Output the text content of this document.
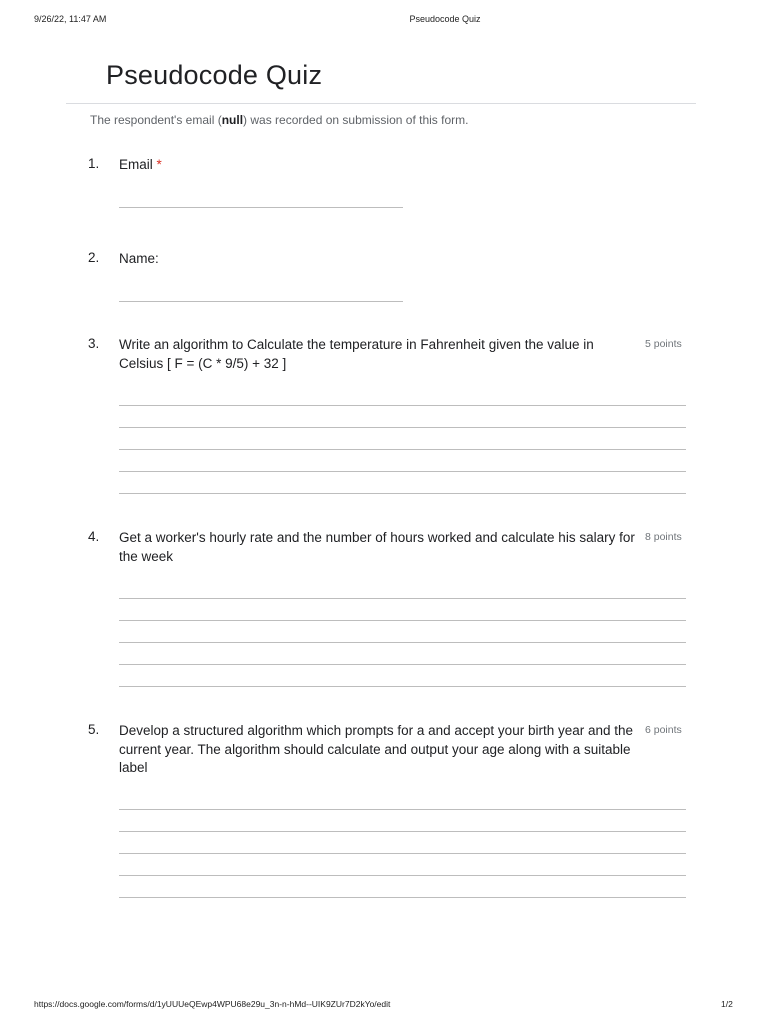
9/26/22, 11:47 AM	Pseudocode Quiz
Pseudocode Quiz
The respondent's email (null) was recorded on submission of this form.
1. Email *
2. Name:
3. Write an algorithm to Calculate the temperature in Fahrenheit given the value in Celsius [ F = (C * 9/5) + 32 ]
5 points
4. Get a worker's hourly rate and the number of hours worked and calculate his salary for the week
8 points
5. Develop a structured algorithm which prompts for a and accept your birth year and the current year. The algorithm should calculate and output your age along with a suitable label
6 points
https://docs.google.com/forms/d/1yUUUeQEwp4WPU68e29u_3n-n-hMd--UIK9ZUr7D2kYo/edit	1/2
